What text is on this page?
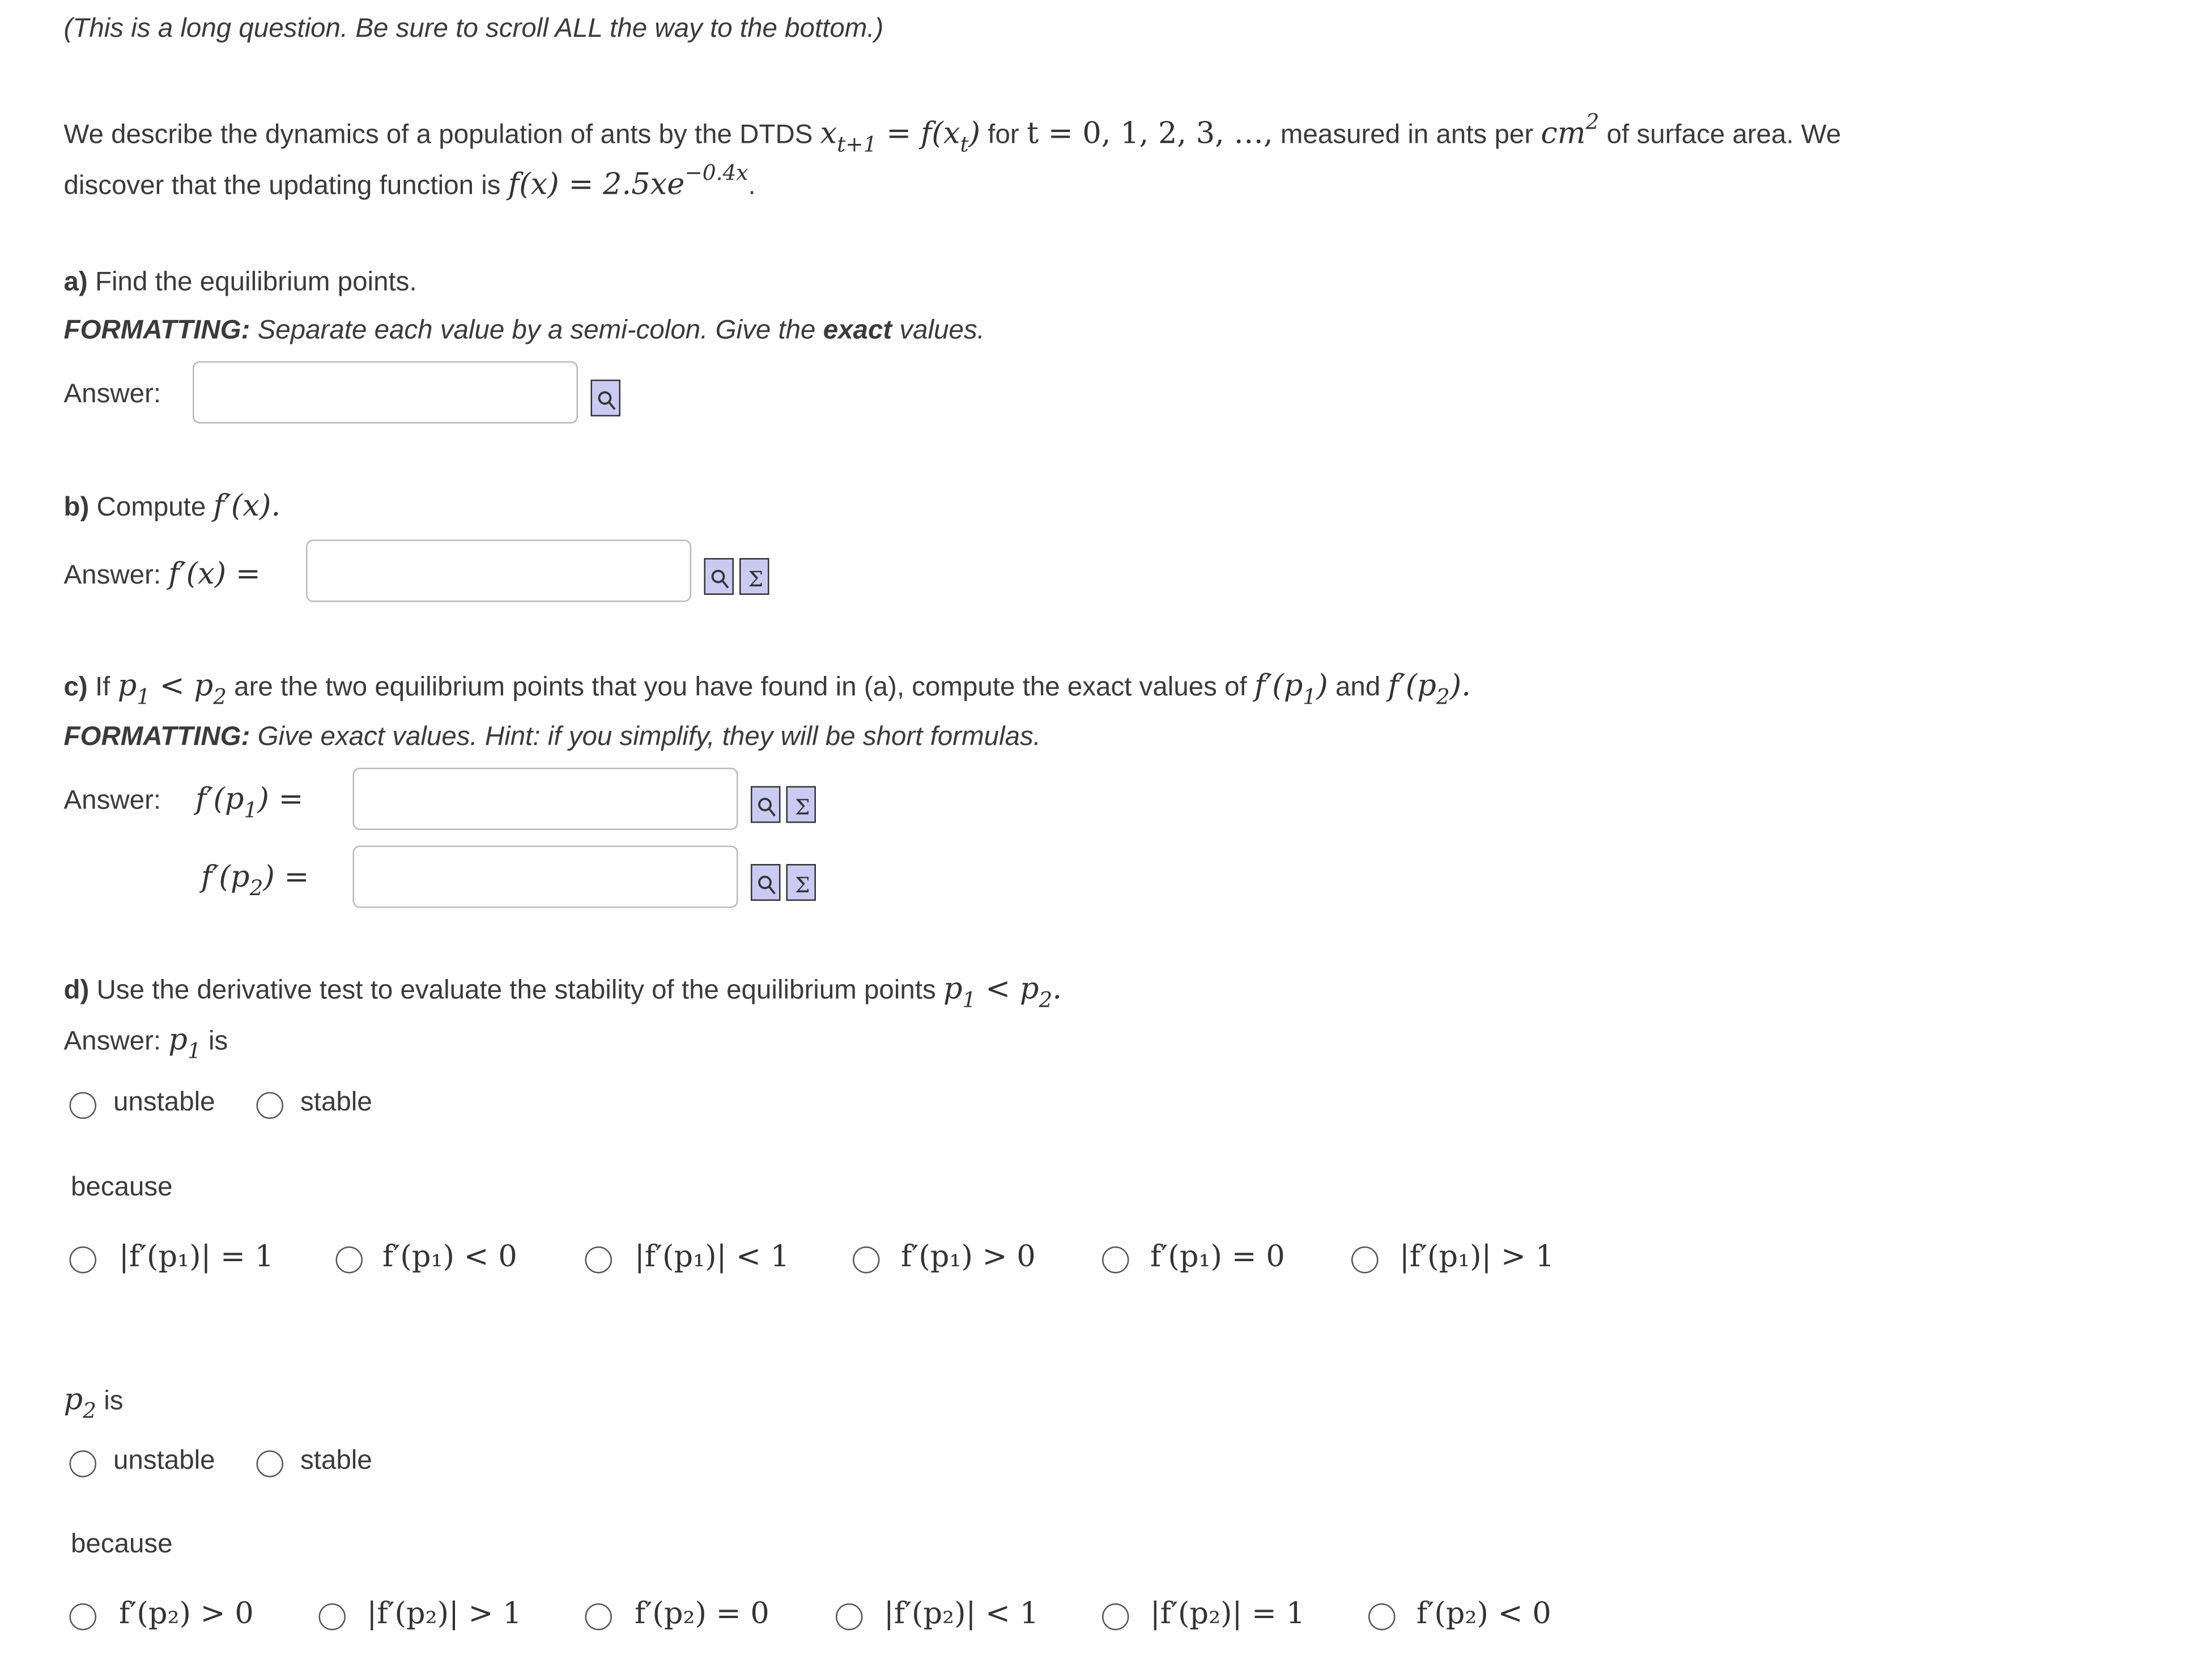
(This is a long question. Be sure to scroll ALL the way to the bottom.)
We describe the dynamics of a population of ants by the DTDS $x_{t+1} = f(x_t)$ for t = 0, 1, 2, 3, …, measured in ants per $cm^2$ of surface area. We
discover that the updating function is $f(x) = 2.5xe^{-0.4x}$.
a) Find the equilibrium points.
FORMATTING: Separate each value by a semi-colon. Give the exact values.
Answer:
b) Compute f′(x).
Answer: f′(x) =	Σ
c) If $p_1 < p_2$ are the two equilibrium points that you have found in (a), compute the exact values of $f'(p_1)$ and $f'(p_2)$.
FORMATTING: Give exact values. Hint: if you simplify, they will be short formulas.
Answer:	$f'(p_1)$ =	Σ
$f'(p_2)$ =	Σ
d) Use the derivative test to evaluate the stability of the equilibrium points $p_1 < p_2$.
Answer: $p_1$ is
unstable	stable
because
|f′(p₁)| = 1	f′(p₁) < 0	|f′(p₁)| < 1	f′(p₁) > 0	f′(p₁) = 0	|f′(p₁)| > 1
$p_2$ is
unstable	stable
because
f′(p₂) > 0	|f′(p₂)| > 1	f′(p₂) = 0	|f′(p₂)| < 1	|f′(p₂)| = 1	f′(p₂) < 0
